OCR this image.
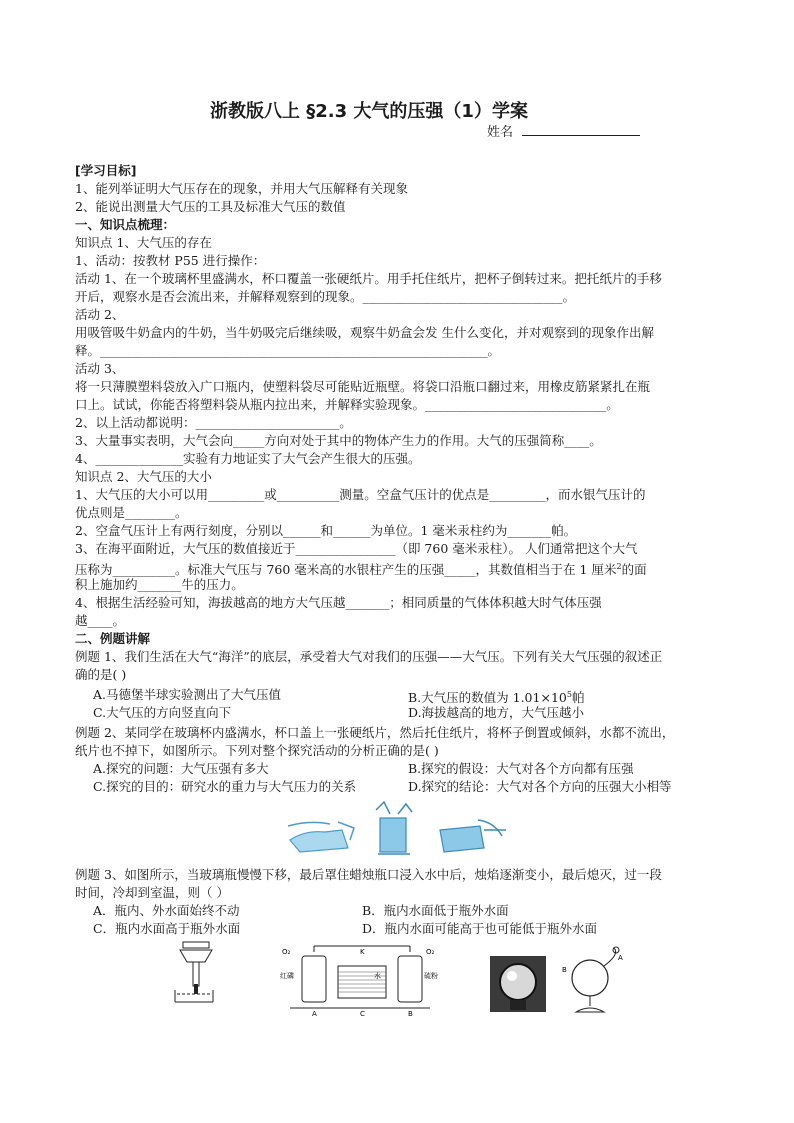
浙教版八上 §2.3 大气的压强（1）学案
姓名
[学习目标]
1、能列举证明大气压存在的现象，并用大气压解释有关现象
2、能说出测量大气压的工具及标准大气压的数值
一、知识点梳理：
知识点 1、大气压的存在
1、活动：按教材 P55 进行操作：
活动 1、在一个玻璃杯里盛满水，杯口覆盖一张硬纸片。用手托住纸片，把杯子倒转过来。把托纸片的手移
开后，观察水是否会流出来，并解释观察到的现象。________________________________。
活动 2、
用吸管吸牛奶盒内的牛奶，当牛奶吸完后继续吸，观察牛奶盒会发 生什么变化，并对观察到的现象作出解
释。______________________________________________________________。
活动 3、
将一只薄膜塑料袋放入广口瓶内，使塑料袋尽可能贴近瓶壁。将袋口沿瓶口翻过来，用橡皮筋紧紧扎在瓶
口上。试试，你能否将塑料袋从瓶内拉出来，并解释实验现象。_____________________________。
2、以上活动都说明：_______________________。
3、大量事实表明，大气会向_____方向对处于其中的物体产生力的作用。大气的压强简称____。
4、______________实验有力地证实了大气会产生很大的压强。
知识点 2、大气压的大小
1、大气压的大小可以用_________或__________测量。空盒气压计的优点是_________，而水银气压计的
优点则是________。
2、空盒气压计上有两行刻度，分别以______和______为单位。1 毫米汞柱约为_______帕。
3、在海平面附近，大气压的数值接近于________________（即 760 毫米汞柱）。 人们通常把这个大气
压称为__________。标准大气压与 760 毫米高的水银柱产生的压强_____，其数值相当于在 1 厘米$^2$的面
积上施加约_______牛的压力。
4、根据生活经验可知，海拔越高的地方大气压越_______；相同质量的气体体积越大时气体压强
越____。
二、例题讲解
例题 1、我们生活在大气“海洋”的底层，承受着大气对我们的压强——大气压。下列有关大气压强的叙述正
确的是( )
A.马德堡半球实验测出了大气压值	B.大气压的数值为 $1.01\times 10^5$帕
C.大气压的方向竖直向下	D.海拔越高的地方，大气压越小
例题 2、某同学在玻璃杯内盛满水，杯口盖上一张硬纸片，然后托住纸片，将杯子倒置或倾斜，水都不流出，
纸片也不掉下，如图所示。下列对整个探究活动的分析正确的是( )
A.探究的问题：大气压强有多大	B.探究的假设：大气对各个方向都有压强
C.探究的目的：研究水的重力与大气压力的关系	D.探究的结论：大气对各个方向的压强大小相等
例题 3、如图所示，当玻璃瓶慢慢下移，最后罩住蜡烛瓶口浸入水中后，烛焰逐渐变小，最后熄灭，过一段
时间，冷却到室温，则（ ）
A．瓶内、外水面始终不动	B．瓶内水面低于瓶外水面
C．瓶内水面高于瓶外水面	D．瓶内水面可能高于也可能低于瓶外水面
O₂	O₂
红磷	硫粉
水
K
A	C	B
A
B
